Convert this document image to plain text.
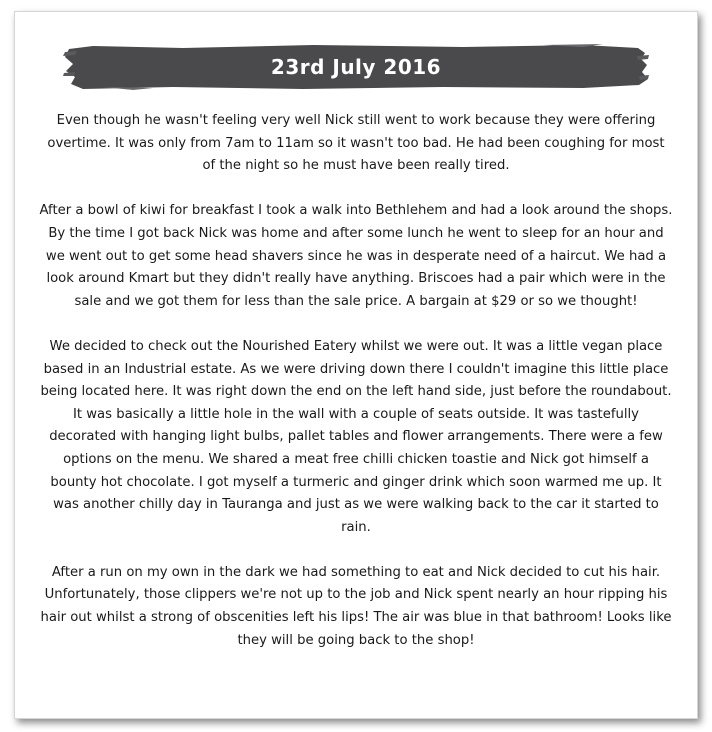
23rd July 2016

Even though he wasn't feeling very well Nick still went to work because they were offering overtime. It was only from 7am to 11am so it wasn't too bad. He had been coughing for most of the night so he must have been really tired.

After a bowl of kiwi for breakfast I took a walk into Bethlehem and had a look around the shops. By the time I got back Nick was home and after some lunch he went to sleep for an hour and we went out to get some head shavers since he was in desperate need of a haircut. We had a look around Kmart but they didn't really have anything. Briscoes had a pair which were in the sale and we got them for less than the sale price. A bargain at $29 or so we thought!

We decided to check out the Nourished Eatery whilst we were out. It was a little vegan place based in an Industrial estate. As we were driving down there I couldn't imagine this little place being located here. It was right down the end on the left hand side, just before the roundabout. It was basically a little hole in the wall with a couple of seats outside. It was tastefully decorated with hanging light bulbs, pallet tables and flower arrangements. There were a few options on the menu. We shared a meat free chilli chicken toastie and Nick got himself a bounty hot chocolate. I got myself a turmeric and ginger drink which soon warmed me up. It was another chilly day in Tauranga and just as we were walking back to the car it started to rain.

After a run on my own in the dark we had something to eat and Nick decided to cut his hair. Unfortunately, those clippers we're not up to the job and Nick spent nearly an hour ripping his hair out whilst a strong of obscenities left his lips! The air was blue in that bathroom! Looks like they will be going back to the shop!
